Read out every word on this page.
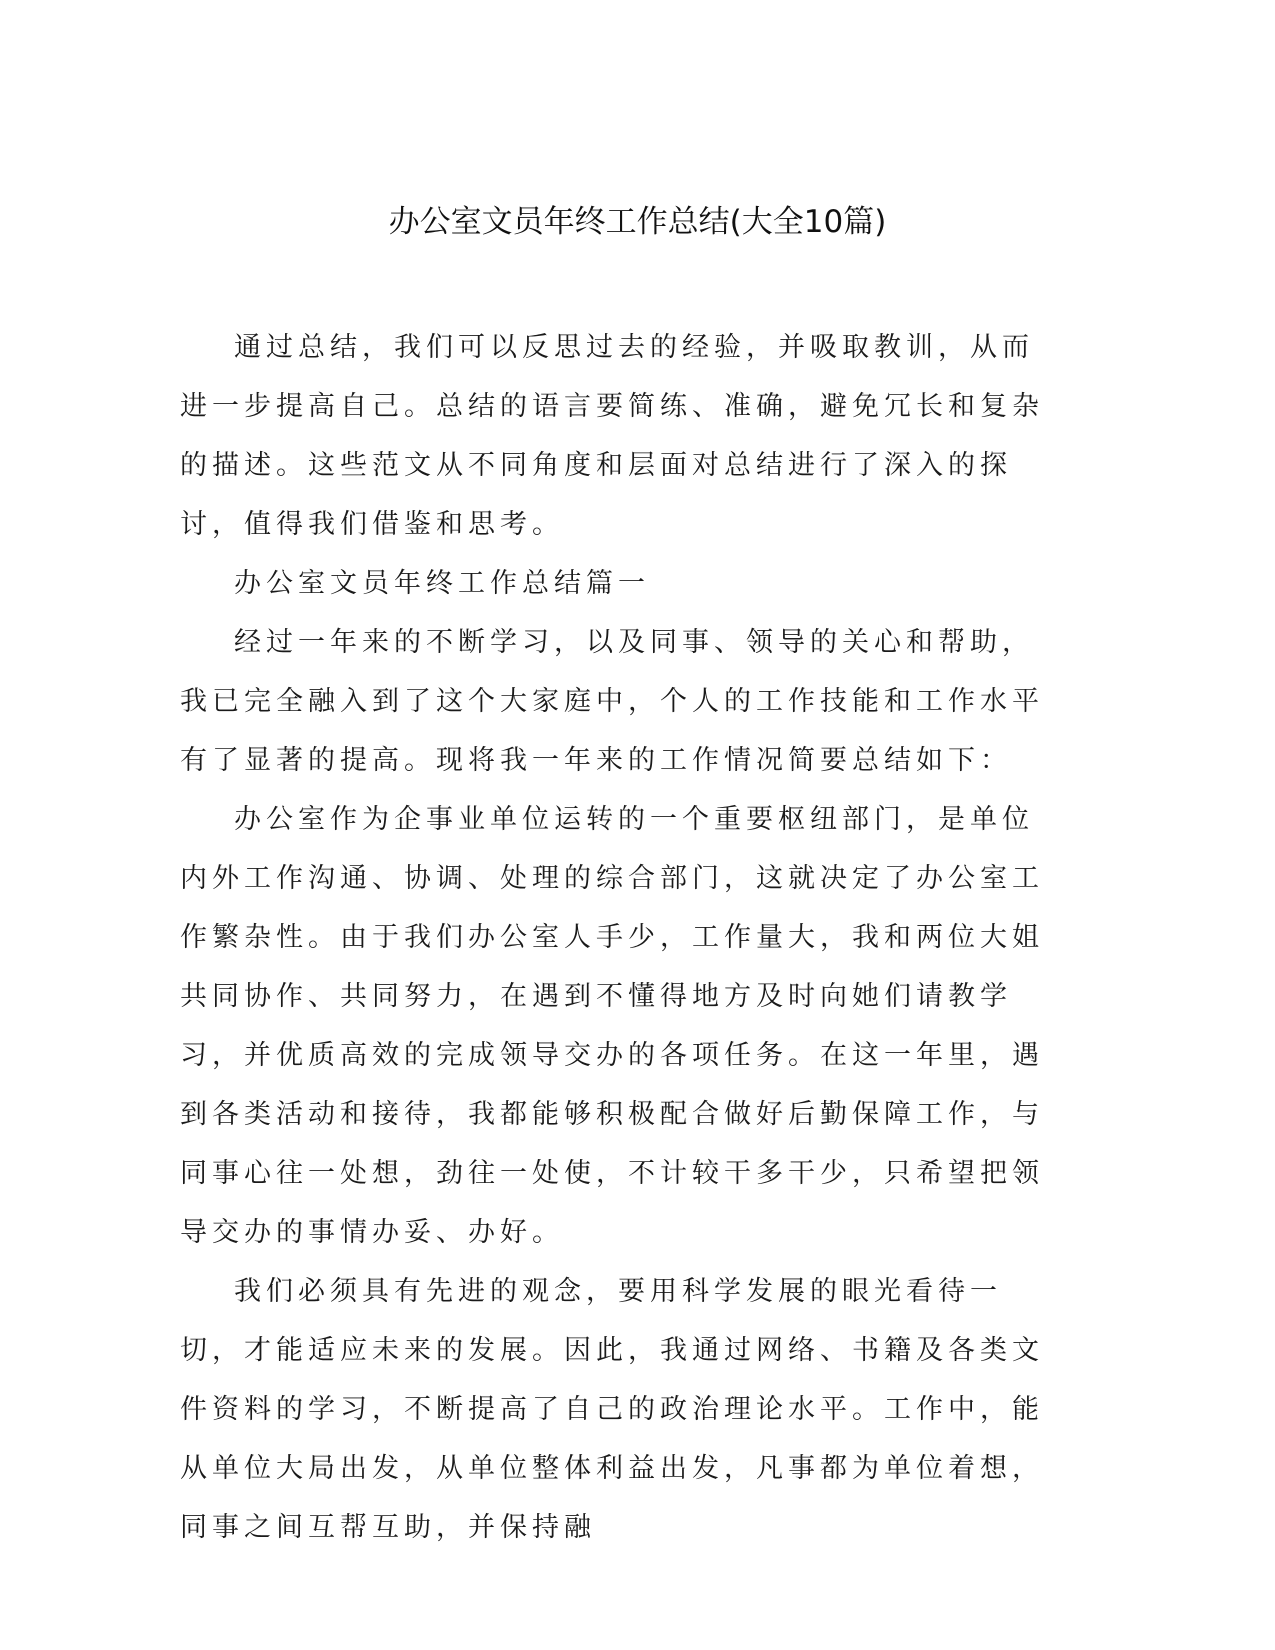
办公室文员年终工作总结(大全10篇)

通过总结，我们可以反思过去的经验，并吸取教训，从而进一步提高自己。总结的语言要简练、准确，避免冗长和复杂的描述。这些范文从不同角度和层面对总结进行了深入的探讨，值得我们借鉴和思考。

办公室文员年终工作总结篇一

经过一年来的不断学习，以及同事、领导的关心和帮助，我已完全融入到了这个大家庭中，个人的工作技能和工作水平有了显著的提高。现将我一年来的工作情况简要总结如下：

办公室作为企事业单位运转的一个重要枢纽部门，是单位内外工作沟通、协调、处理的综合部门，这就决定了办公室工作繁杂性。由于我们办公室人手少，工作量大，我和两位大姐共同协作、共同努力，在遇到不懂得地方及时向她们请教学习，并优质高效的完成领导交办的各项任务。在这一年里，遇到各类活动和接待，我都能够积极配合做好后勤保障工作，与同事心往一处想，劲往一处使，不计较干多干少，只希望把领导交办的事情办妥、办好。

我们必须具有先进的观念，要用科学发展的眼光看待一切，才能适应未来的发展。因此，我通过网络、书籍及各类文件资料的学习，不断提高了自己的政治理论水平。工作中，能从单位大局出发，从单位整体利益出发，凡事都为单位着想，同事之间互帮互助，并保持融
